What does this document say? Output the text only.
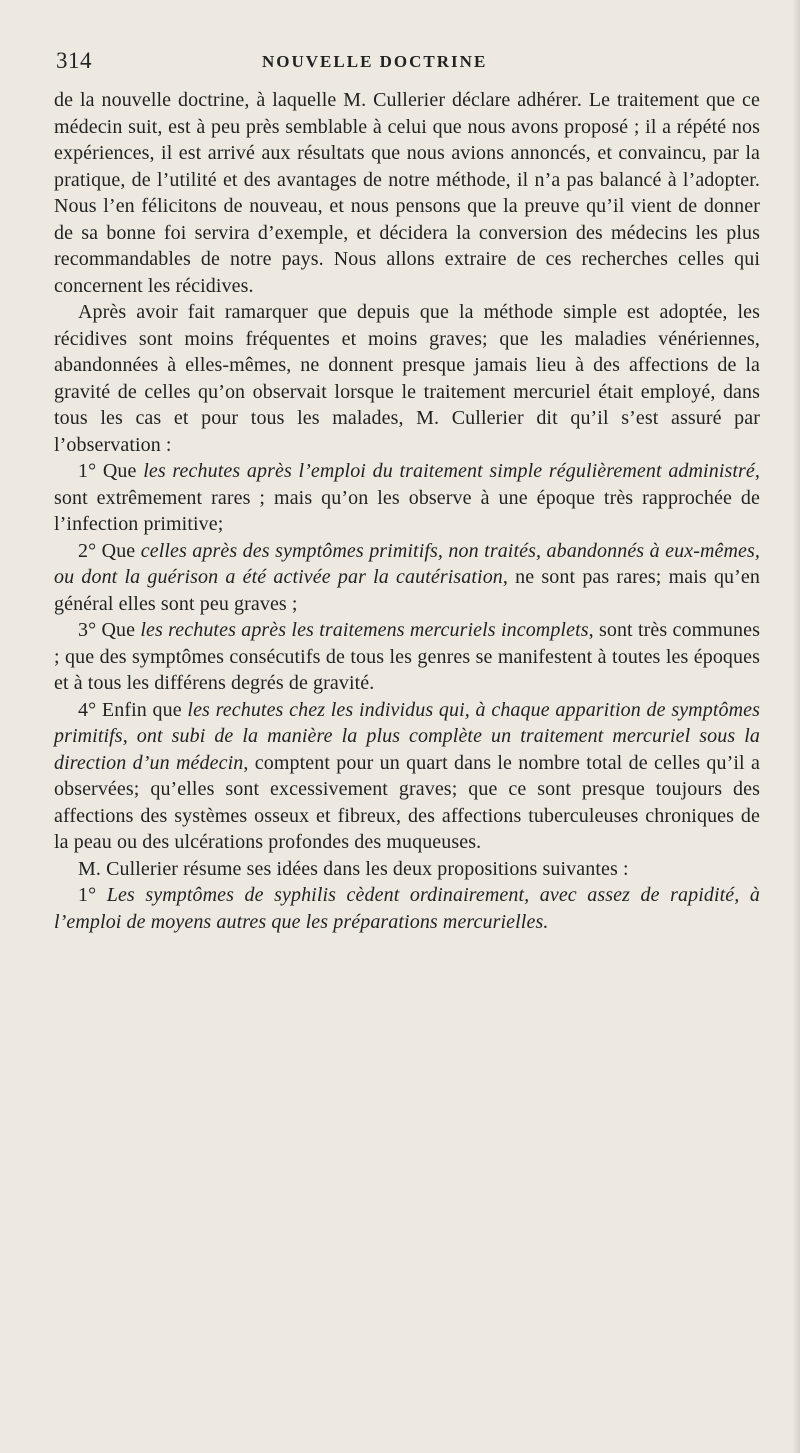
314	NOUVELLE DOCTRINE

de la nouvelle doctrine, à laquelle M. Cullerier déclare adhérer. Le traitement que ce médecin suit, est à peu près semblable à celui que nous avons proposé ; il a répété nos expériences, il est arrivé aux résultats que nous avions annoncés, et convaincu, par la pratique, de l’utilité et des avantages de notre méthode, il n’a pas balancé à l’adopter. Nous l’en félicitons de nouveau, et nous pensons que la preuve qu’il vient de donner de sa bonne foi servira d’exemple, et décidera la conversion des médecins les plus recommandables de notre pays. Nous allons extraire de ces recherches celles qui concernent les récidives.

Après avoir fait ramarquer que depuis que la méthode simple est adoptée, les récidives sont moins fréquentes et moins graves; que les maladies vénériennes, abandonnées à elles-mêmes, ne donnent presque jamais lieu à des affections de la gravité de celles qu’on observait lorsque le traitement mercuriel était employé, dans tous les cas et pour tous les malades, M. Cullerier dit qu’il s’est assuré par l’observation :

1° Que les rechutes après l’emploi du traitement simple régulièrement administré, sont extrêmement rares ; mais qu’on les observe à une époque très rapprochée de l’infection primitive;

2° Que celles après des symptômes primitifs, non traités, abandonnés à eux-mêmes, ou dont la guérison a été activée par la cautérisation, ne sont pas rares; mais qu’en général elles sont peu graves ;

3° Que les rechutes après les traitemens mercuriels incomplets, sont très communes ; que des symptômes consécutifs de tous les genres se manifestent à toutes les époques et à tous les différens degrés de gravité.

4° Enfin que les rechutes chez les individus qui, à chaque apparition de symptômes primitifs, ont subi de la manière la plus complète un traitement mercuriel sous la direction d’un médecin, comptent pour un quart dans le nombre total de celles qu’il a observées; qu’elles sont excessivement graves; que ce sont presque toujours des affections des systèmes osseux et fibreux, des affections tuberculeuses chroniques de la peau ou des ulcérations profondes des muqueuses.

M. Cullerier résume ses idées dans les deux propositions suivantes :

1° Les symptômes de syphilis cèdent ordinairement, avec assez de rapidité, à l’emploi de moyens autres que les préparations mercurielles.
